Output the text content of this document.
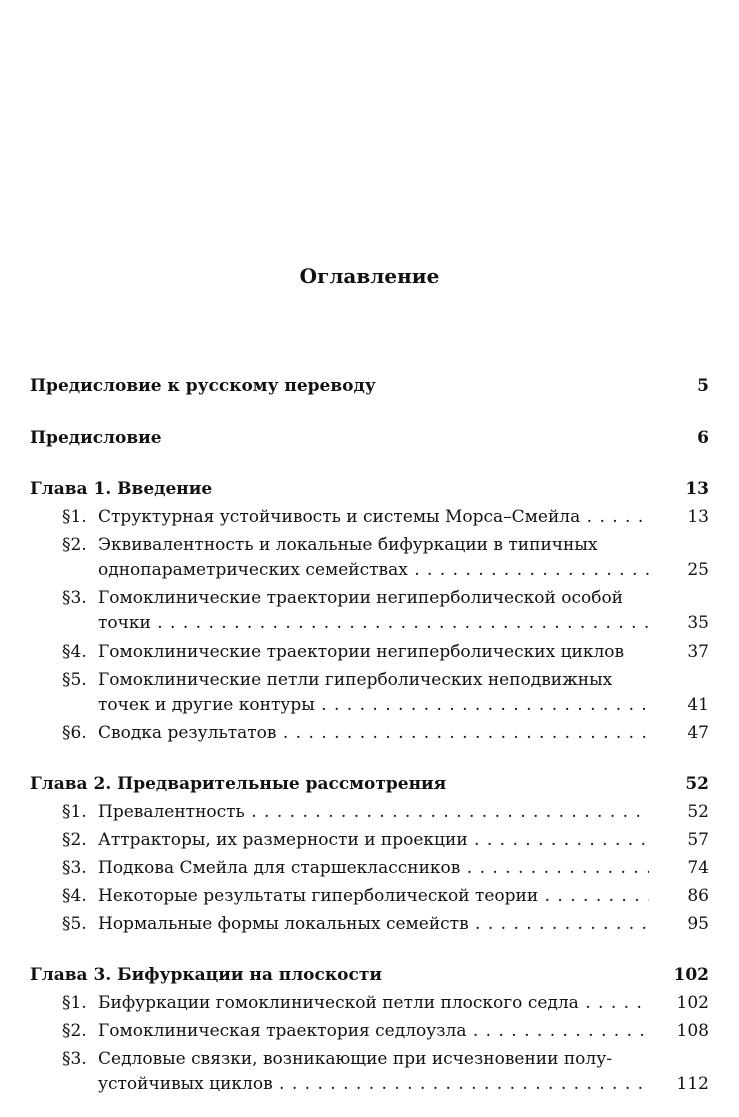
Оглавление
Предисловие к русскому переводу	5
Предисловие	6
Глава 1. Введение	13
§1. Структурная устойчивость и системы Морса–Смейла . . .	13
§2. Эквивалентность и локальные бифуркации в типичных
однопараметрических семействах . . .	25
§3. Гомоклинические траектории негиперболической особой
точки . . .	35
§4. Гомоклинические траектории негиперболических циклов	37
§5. Гомоклинические петли гиперболических неподвижных
точек и другие контуры . . .	41
§6. Сводка результатов . . .	47
Глава 2. Предварительные рассмотрения	52
§1. Превалентность . . .	52
§2. Аттракторы, их размерности и проекции . . .	57
§3. Подкова Смейла для старшеклассников . . .	74
§4. Некоторые результаты гиперболической теории . . .	86
§5. Нормальные формы локальных семейств . . .	95
Глава 3. Бифуркации на плоскости	102
§1. Бифуркации гомоклинической петли плоского седла . . .	102
§2. Гомоклиническая траектория седлоузла . . .	108
§3. Седловые связки, возникающие при исчезновении полу-
устойчивых циклов . . .	112
